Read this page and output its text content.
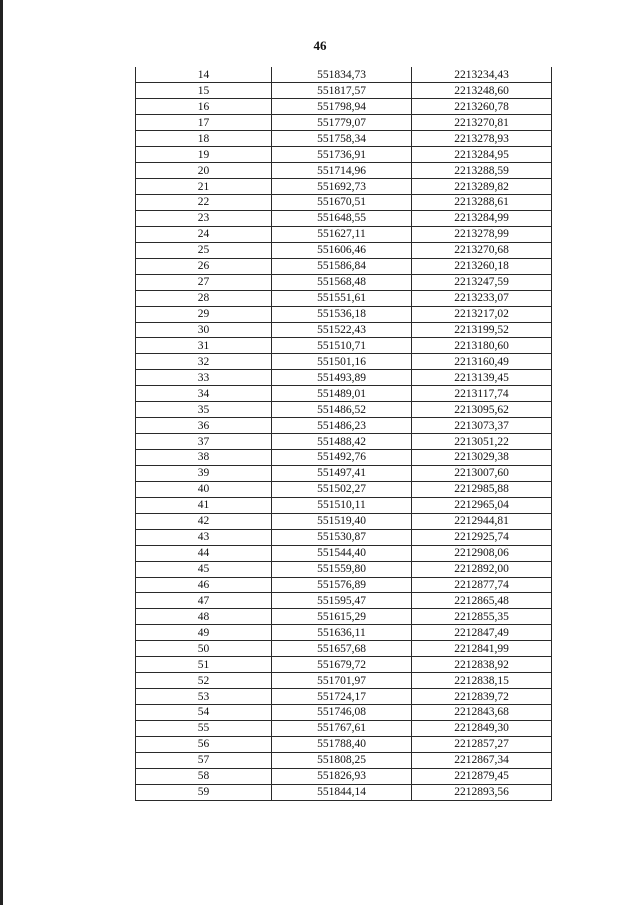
46
14	551834,73	2213234,43
15	551817,57	2213248,60
16	551798,94	2213260,78
17	551779,07	2213270,81
18	551758,34	2213278,93
19	551736,91	2213284,95
20	551714,96	2213288,59
21	551692,73	2213289,82
22	551670,51	2213288,61
23	551648,55	2213284,99
24	551627,11	2213278,99
25	551606,46	2213270,68
26	551586,84	2213260,18
27	551568,48	2213247,59
28	551551,61	2213233,07
29	551536,18	2213217,02
30	551522,43	2213199,52
31	551510,71	2213180,60
32	551501,16	2213160,49
33	551493,89	2213139,45
34	551489,01	2213117,74
35	551486,52	2213095,62
36	551486,23	2213073,37
37	551488,42	2213051,22
38	551492,76	2213029,38
39	551497,41	2213007,60
40	551502,27	2212985,88
41	551510,11	2212965,04
42	551519,40	2212944,81
43	551530,87	2212925,74
44	551544,40	2212908,06
45	551559,80	2212892,00
46	551576,89	2212877,74
47	551595,47	2212865,48
48	551615,29	2212855,35
49	551636,11	2212847,49
50	551657,68	2212841,99
51	551679,72	2212838,92
52	551701,97	2212838,15
53	551724,17	2212839,72
54	551746,08	2212843,68
55	551767,61	2212849,30
56	551788,40	2212857,27
57	551808,25	2212867,34
58	551826,93	2212879,45
59	551844,14	2212893,56
